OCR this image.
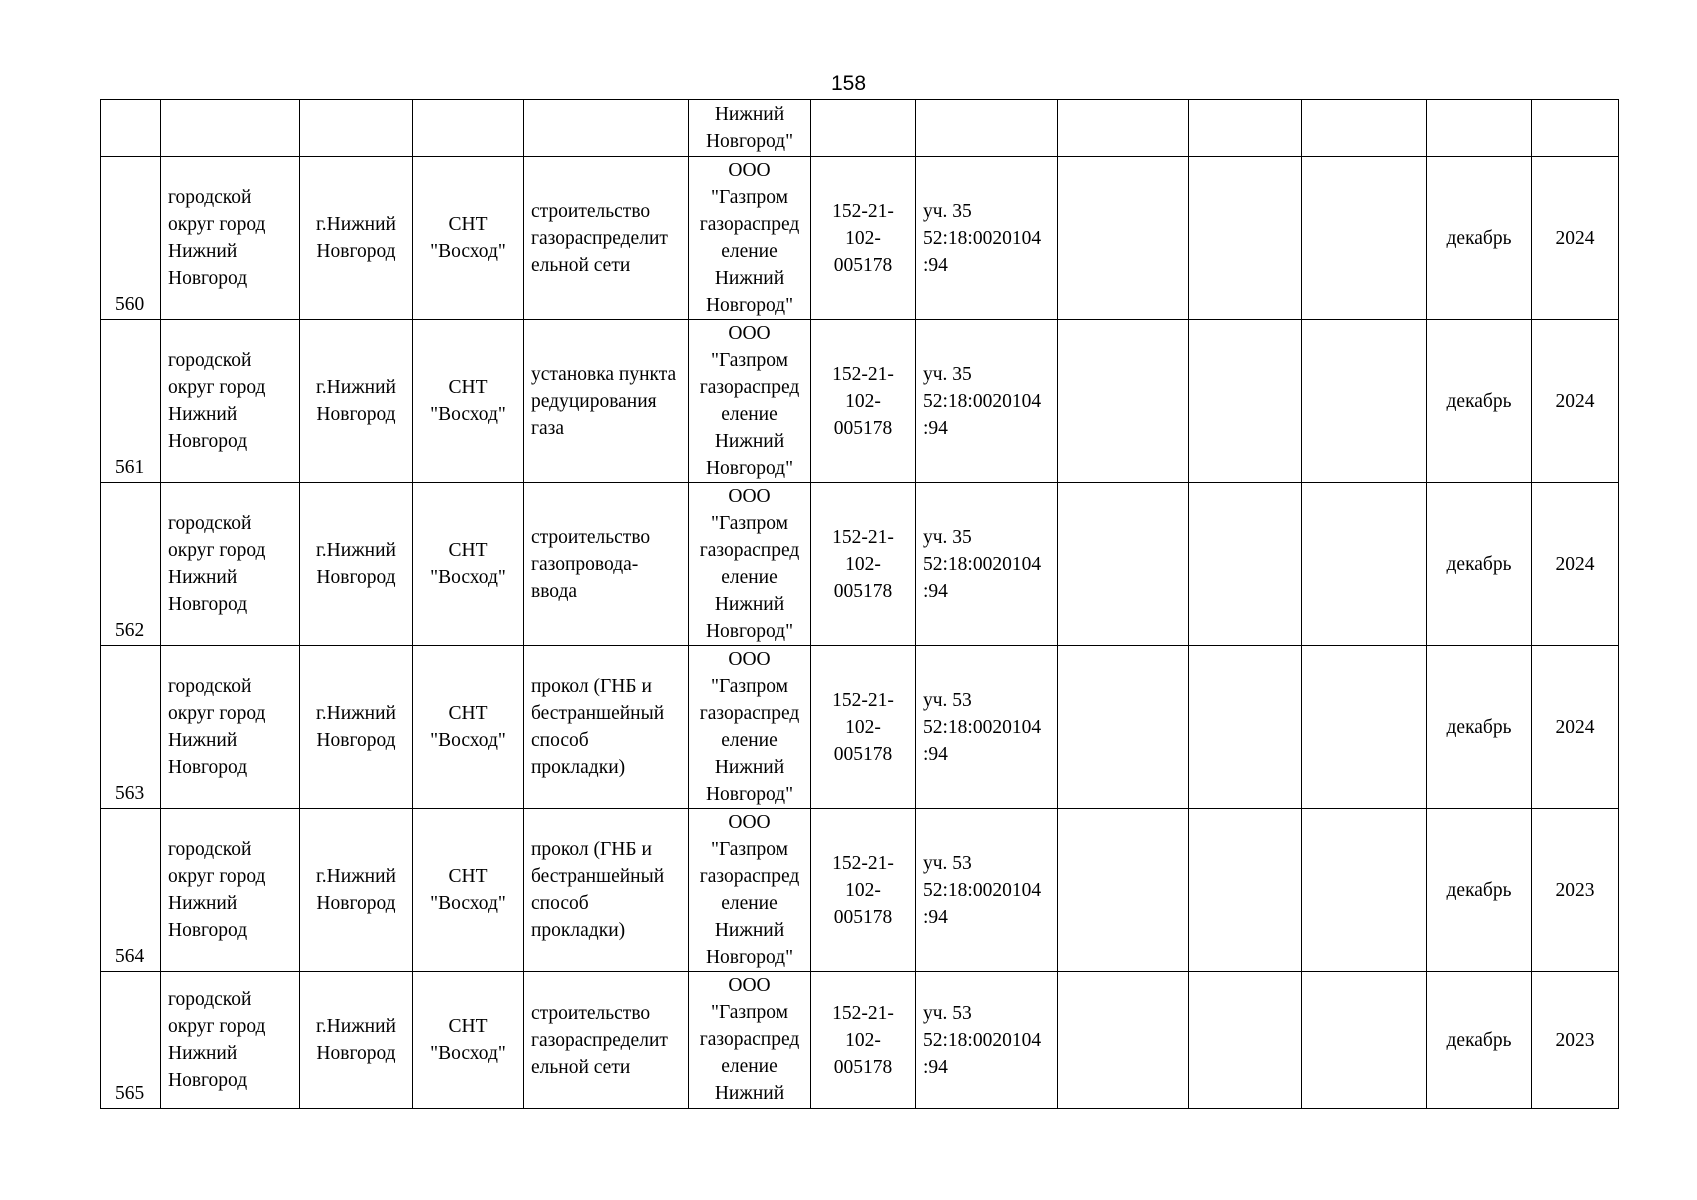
158
					Нижний Новгород"							
560	городской округ город Нижний Новгород	г.Нижний Новгород	СНТ "Восход"	строительство газораспределит ельной сети	ООО "Газпром газораспред еление Нижний Новгород"	152-21-102-005178	уч. 35 52:18:0020104 :94				декабрь	2024
561	городской округ город Нижний Новгород	г.Нижний Новгород	СНТ "Восход"	установка пункта редуцирования газа	ООО "Газпром газораспред еление Нижний Новгород"	152-21-102-005178	уч. 35 52:18:0020104 :94				декабрь	2024
562	городской округ город Нижний Новгород	г.Нижний Новгород	СНТ "Восход"	строительство газопровода-ввода	ООО "Газпром газораспред еление Нижний Новгород"	152-21-102-005178	уч. 35 52:18:0020104 :94				декабрь	2024
563	городской округ город Нижний Новгород	г.Нижний Новгород	СНТ "Восход"	прокол (ГНБ и бестраншейный способ прокладки)	ООО "Газпром газораспред еление Нижний Новгород"	152-21-102-005178	уч. 53 52:18:0020104 :94				декабрь	2024
564	городской округ город Нижний Новгород	г.Нижний Новгород	СНТ "Восход"	прокол (ГНБ и бестраншейный способ прокладки)	ООО "Газпром газораспред еление Нижний Новгород"	152-21-102-005178	уч. 53 52:18:0020104 :94				декабрь	2023
565	городской округ город Нижний Новгород	г.Нижний Новгород	СНТ "Восход"	строительство газораспределит ельной сети	ООО "Газпром газораспред еление Нижний	152-21-102-005178	уч. 53 52:18:0020104 :94				декабрь	2023
